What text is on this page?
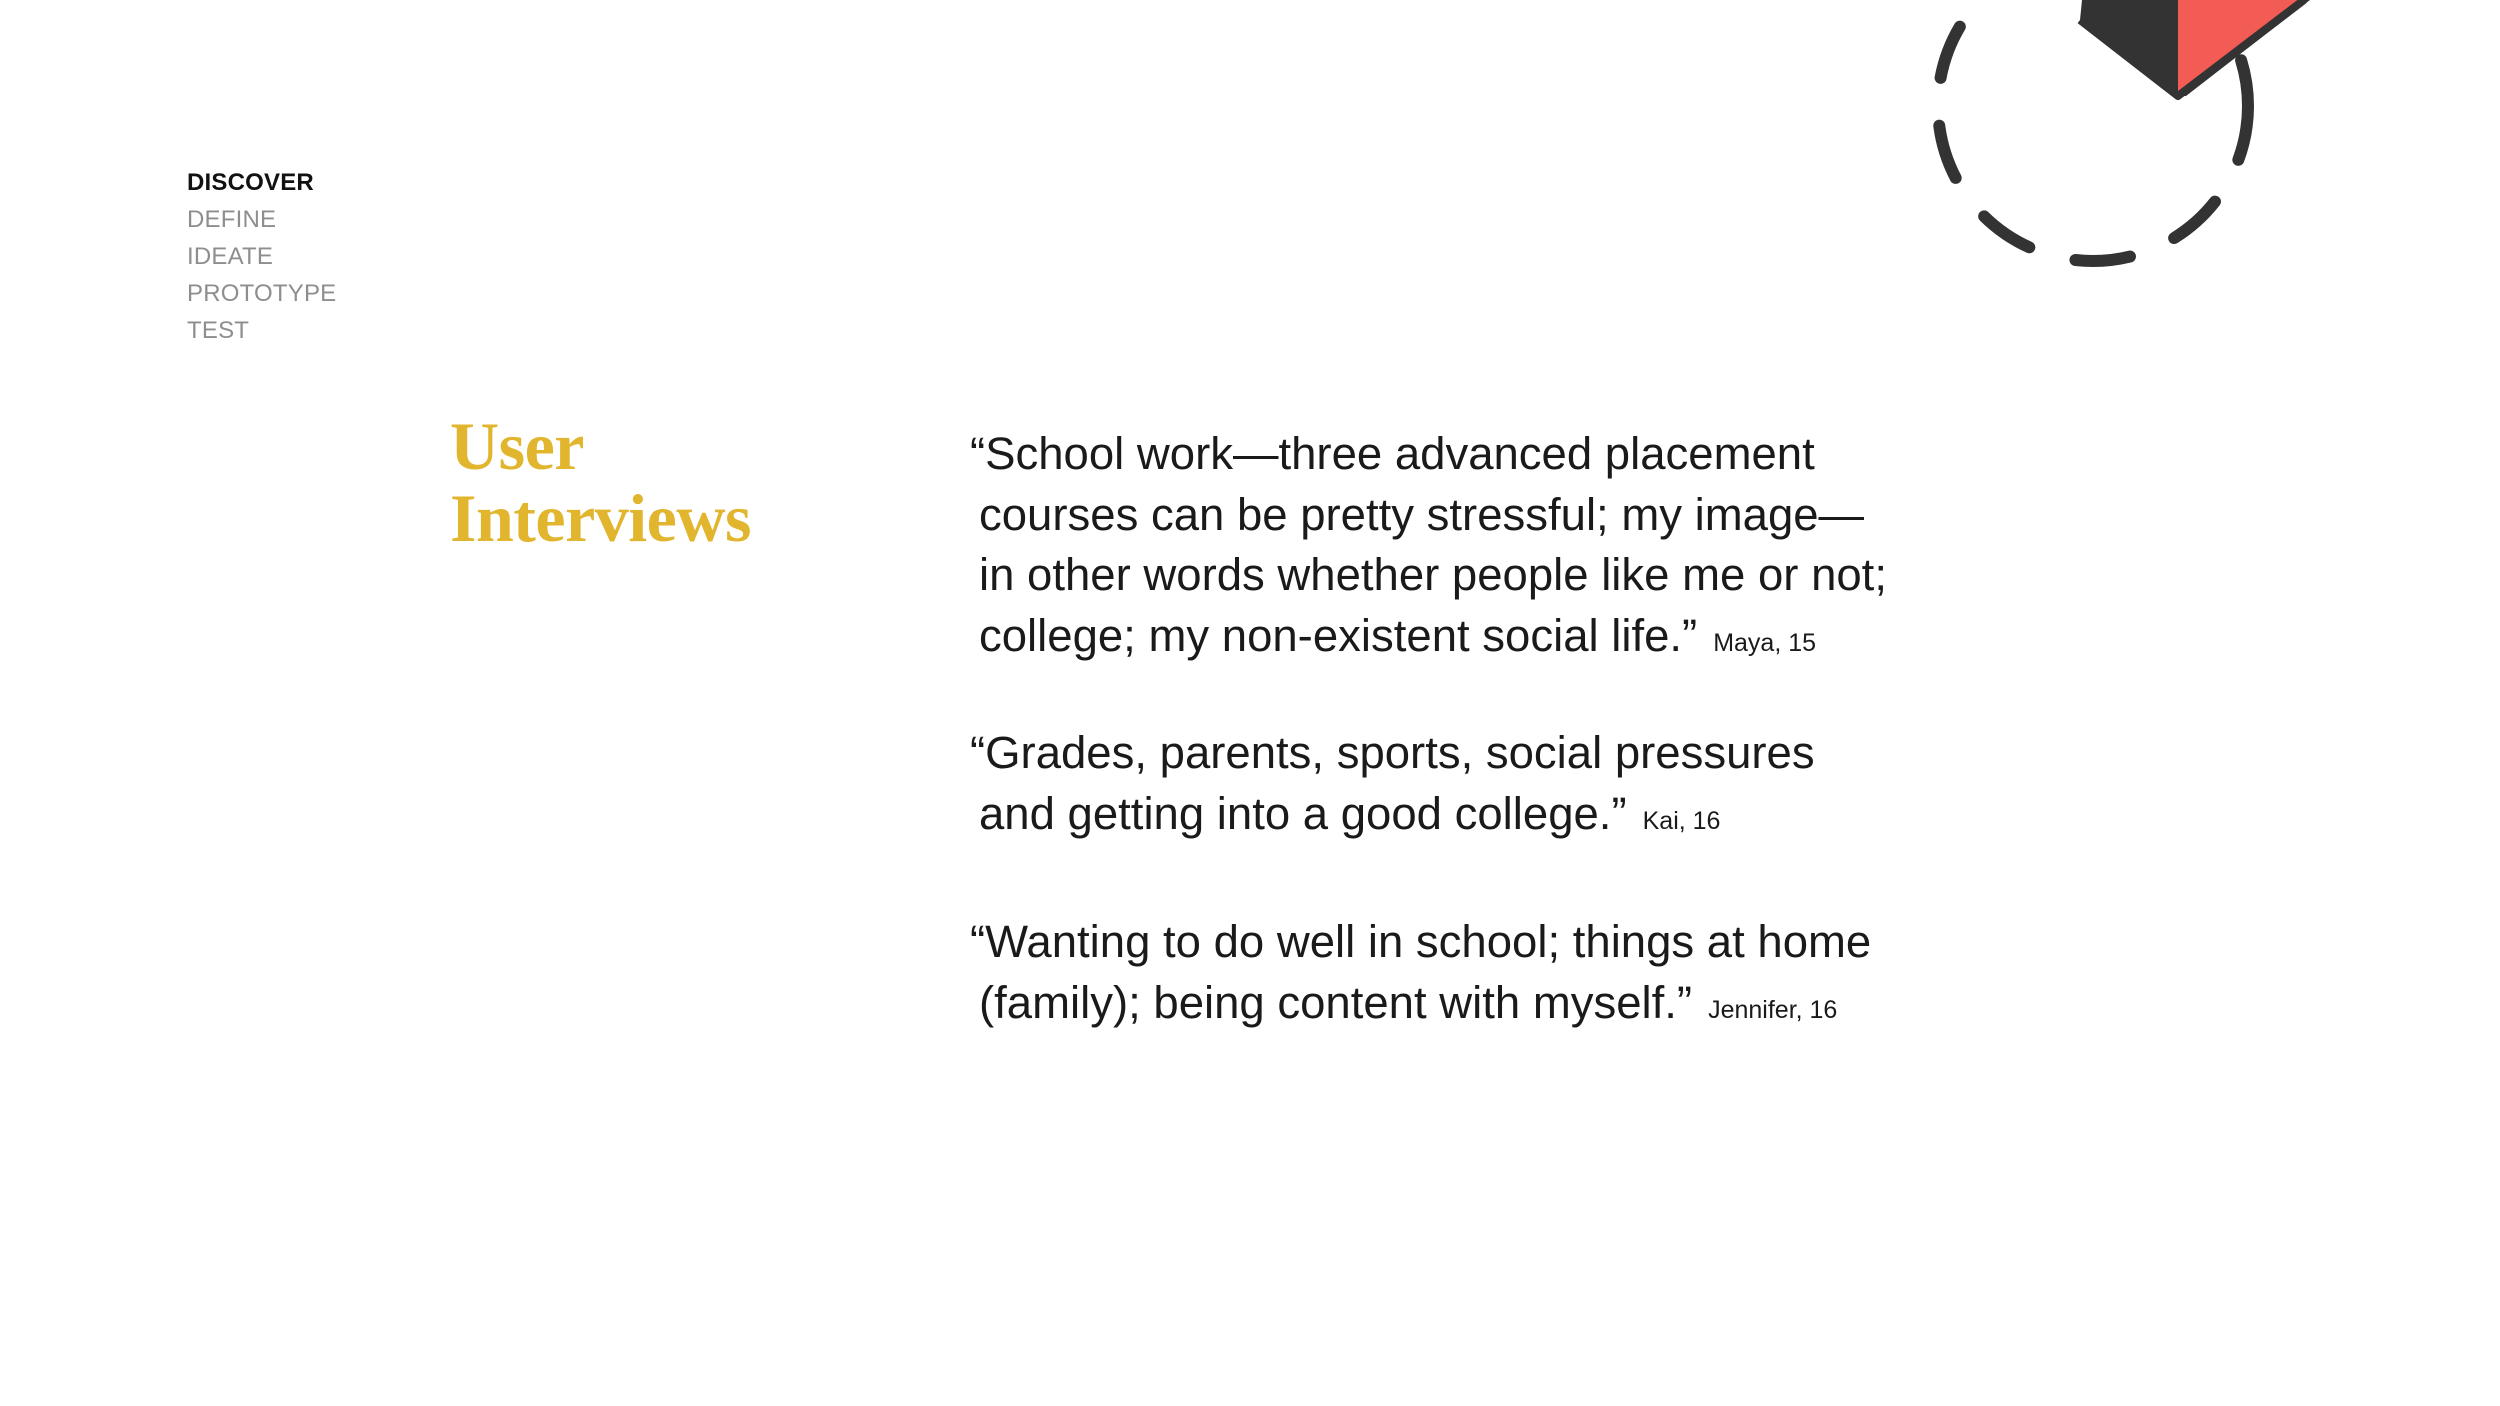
DISCOVER
DEFINE
IDEATE
PROTOTYPE
TEST
User
Interviews

“School work—three advanced placement
courses can be pretty stressful; my image—
in other words whether people like me or not;
college; my non-existent social life.” Maya, 15

“Grades, parents, sports, social pressures
and getting into a good college.” Kai, 16

“Wanting to do well in school; things at home
(family); being content with myself.” Jennifer, 16
